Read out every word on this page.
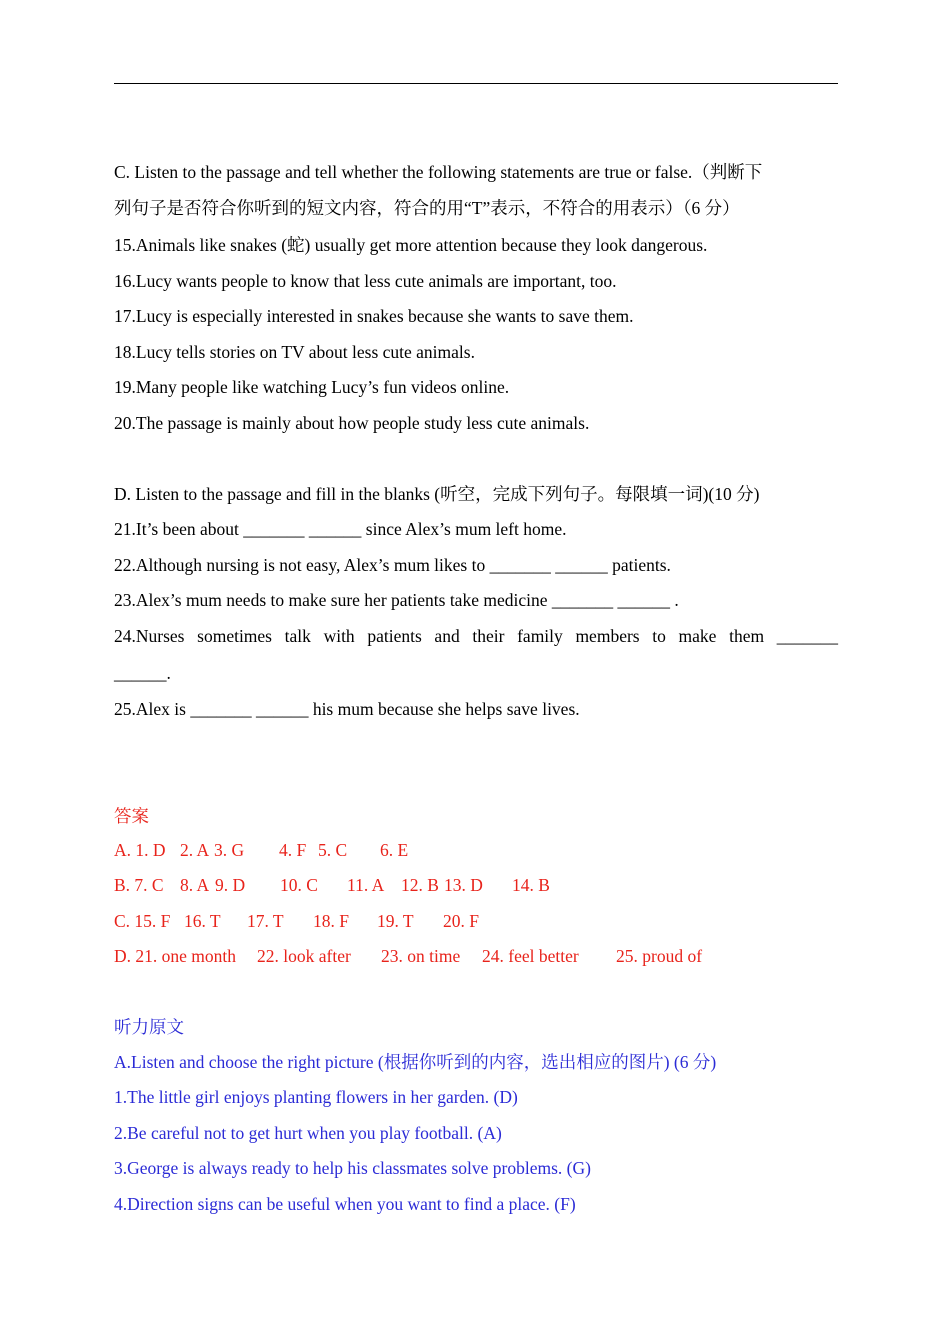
C. Listen to the passage and tell whether the following statements are true or false.（判断下
列句子是否符合你听到的短文内容，符合的用“T”表示，不符合的用表示）（6 分）
15.Animals like snakes (蛇) usually get more attention because they look dangerous.
16.Lucy wants people to know that less cute animals are important, too.
17.Lucy is especially interested in snakes because she wants to save them.
18.Lucy tells stories on TV about less cute animals.
19.Many people like watching Lucy’s fun videos online.
20.The passage is mainly about how people study less cute animals.
D. Listen to the passage and fill in the blanks (听空，完成下列句子。每限填一词)(10 分)
21.It’s been about _______ ______ since Alex’s mum left home.
22.Although nursing is not easy, Alex’s mum likes to _______ ______ patients.
23.Alex’s mum needs to make sure her patients take medicine _______ ______ .
24.Nurses sometimes talk with patients and their family members to make them _______
______.
25.Alex is _______ ______ his mum because she helps save lives.
答案
A. 1. D 2. A 3. G 4. F 5. C 6. E
B. 7. C 8. A 9. D 10. C 11. A 12. B 13. D 14. B
C. 15. F 16. T 17. T 18. F 19. T 20. F
D. 21. one month 22. look after 23. on time 24. feel better 25. proud of
听力原文
A.Listen and choose the right picture (根据你听到的内容，选出相应的图片) (6 分)
1.The little girl enjoys planting flowers in her garden. (D)
2.Be careful not to get hurt when you play football. (A)
3.George is always ready to help his classmates solve problems. (G)
4.Direction signs can be useful when you want to find a place. (F)
